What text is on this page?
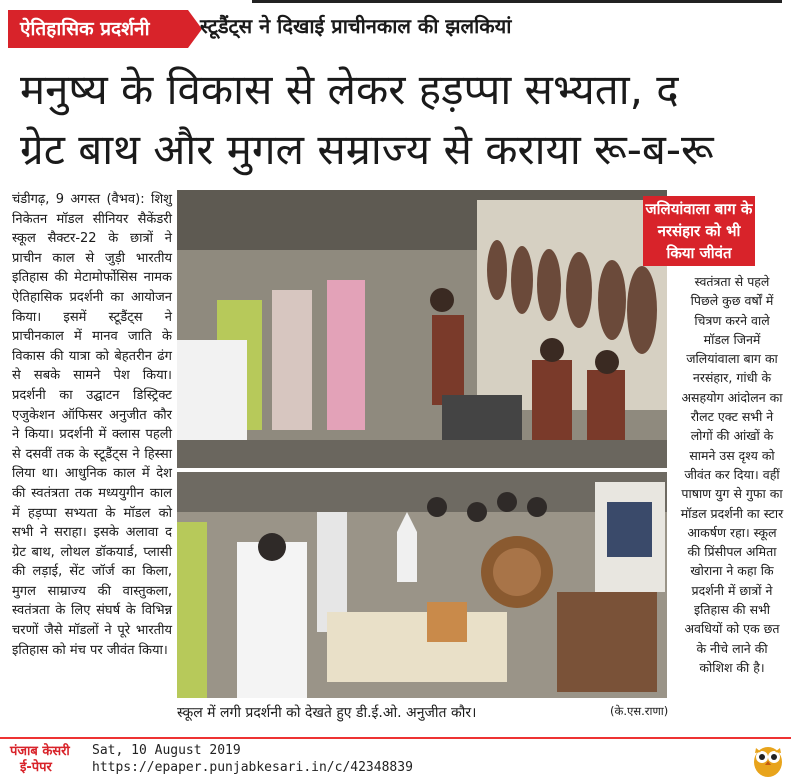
ऐतिहासिक प्रदर्शनी	स्टूडैंट्स ने दिखाई प्राचीनकाल की झलकियां
मनुष्य के विकास से लेकर हड़प्पा सभ्यता, द
ग्रेट बाथ और मुगल सम्राज्य से कराया रू-ब-रू
चंडीगढ़, 9 अगस्त (वैभव): शिशु निकेतन मॉडल सीनियर सैकेंडरी स्कूल सैक्टर-22 के छात्रों ने प्राचीन काल से जुड़ी भारतीय इतिहास की मेटामोर्फोसिस नामक ऐतिहासिक प्रदर्शनी का आयोजन किया। इसमें स्टूडैंट्स ने प्राचीनकाल में मानव जाति के विकास की यात्रा को बेहतरीन ढंग से सबके सामने पेश किया। प्रदर्शनी का उद्घाटन डिस्ट्रिक्ट एजुकेशन ऑफिसर अनुजीत कौर ने किया। प्रदर्शनी में क्लास पहली से दसवीं तक के स्टूडैंट्स ने हिस्सा लिया था। आधुनिक काल में देश की स्वतंत्रता तक मध्ययुगीन काल में हड़प्पा सभ्यता के मॉडल को सभी ने सराहा। इसके अलावा द ग्रेट बाथ, लोथल डॉकयार्ड, प्लासी की लड़ाई, सेंट जॉर्ज का किला, मुगल साम्राज्य की वास्तुकला, स्वतंत्रता के लिए संघर्ष के विभिन्न चरणों जैसे मॉडलों ने पूरे भारतीय इतिहास को मंच पर जीवंत किया।
जलियांवाला बाग के नरसंहार को भी किया जीवंत
स्वतंत्रता से पहले पिछले कुछ वर्षों में चित्रण करने वाले मॉडल जिनमें जलियांवाला बाग का नरसंहार, गांधी के असहयोग आंदोलन का रौलट एक्ट सभी ने लोगों की आंखों के सामने उस दृश्य को जीवंत कर दिया। वहीं पाषाण युग से गुफा का मॉडल प्रदर्शनी का स्टार आकर्षण रहा। स्कूल की प्रिंसीपल अमिता खोराना ने कहा कि प्रदर्शनी में छात्रों ने इतिहास की सभी अवधियों को एक छत के नीचे लाने की कोशिश की है।
स्कूल में लगी प्रदर्शनी को देखते हुए डी.ई.ओ. अनुजीत कौर।	(के.एस.राणा)
पंजाब केसरी
ई-पेपर
Sat, 10 August 2019
https://epaper.punjabkesari.in/c/42348839
